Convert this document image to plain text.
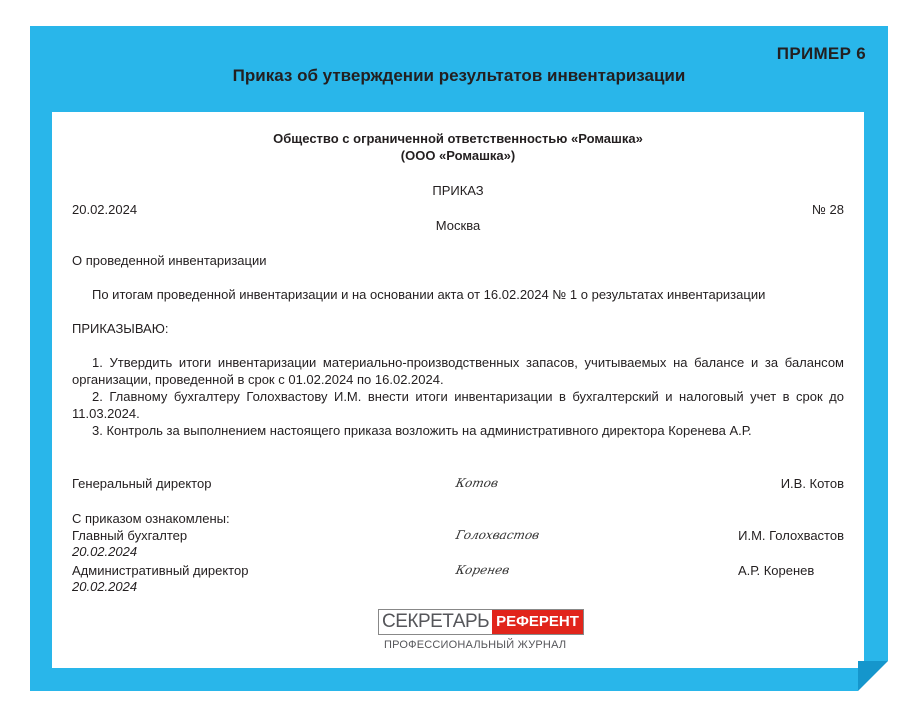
ПРИМЕР 6
Приказ об утверждении результатов инвентаризации
Общество с ограниченной ответственностью «Ромашка»
(ООО «Ромашка»)
ПРИКАЗ
20.02.2024	№ 28
Москва
О проведенной инвентаризации
По итогам проведенной инвентаризации и на основании акта от 16.02.2024 № 1 о результатах инвентаризации
ПРИКАЗЫВАЮ:
1. Утвердить итоги инвентаризации материально-производственных запасов, учитываемых на балансе и за балансом организации, проведенной в срок с 01.02.2024 по 16.02.2024.
2. Главному бухгалтеру Голохвастову И.М. внести итоги инвентаризации в бухгалтерский и налоговый учет в срок до 11.03.2024.
3. Контроль за выполнением настоящего приказа возложить на административного директора Коренева А.Р.
Генеральный директор	Котов	И.В. Котов
С приказом ознакомлены:
Главный бухгалтер	Голохвастов	И.М. Голохвастов
20.02.2024
Административный директор	Коренев	А.Р. Коренев
20.02.2024
СЕКРЕТАРЬ РЕФЕРЕНТ
ПРОФЕССИОНАЛЬНЫЙ ЖУРНАЛ
